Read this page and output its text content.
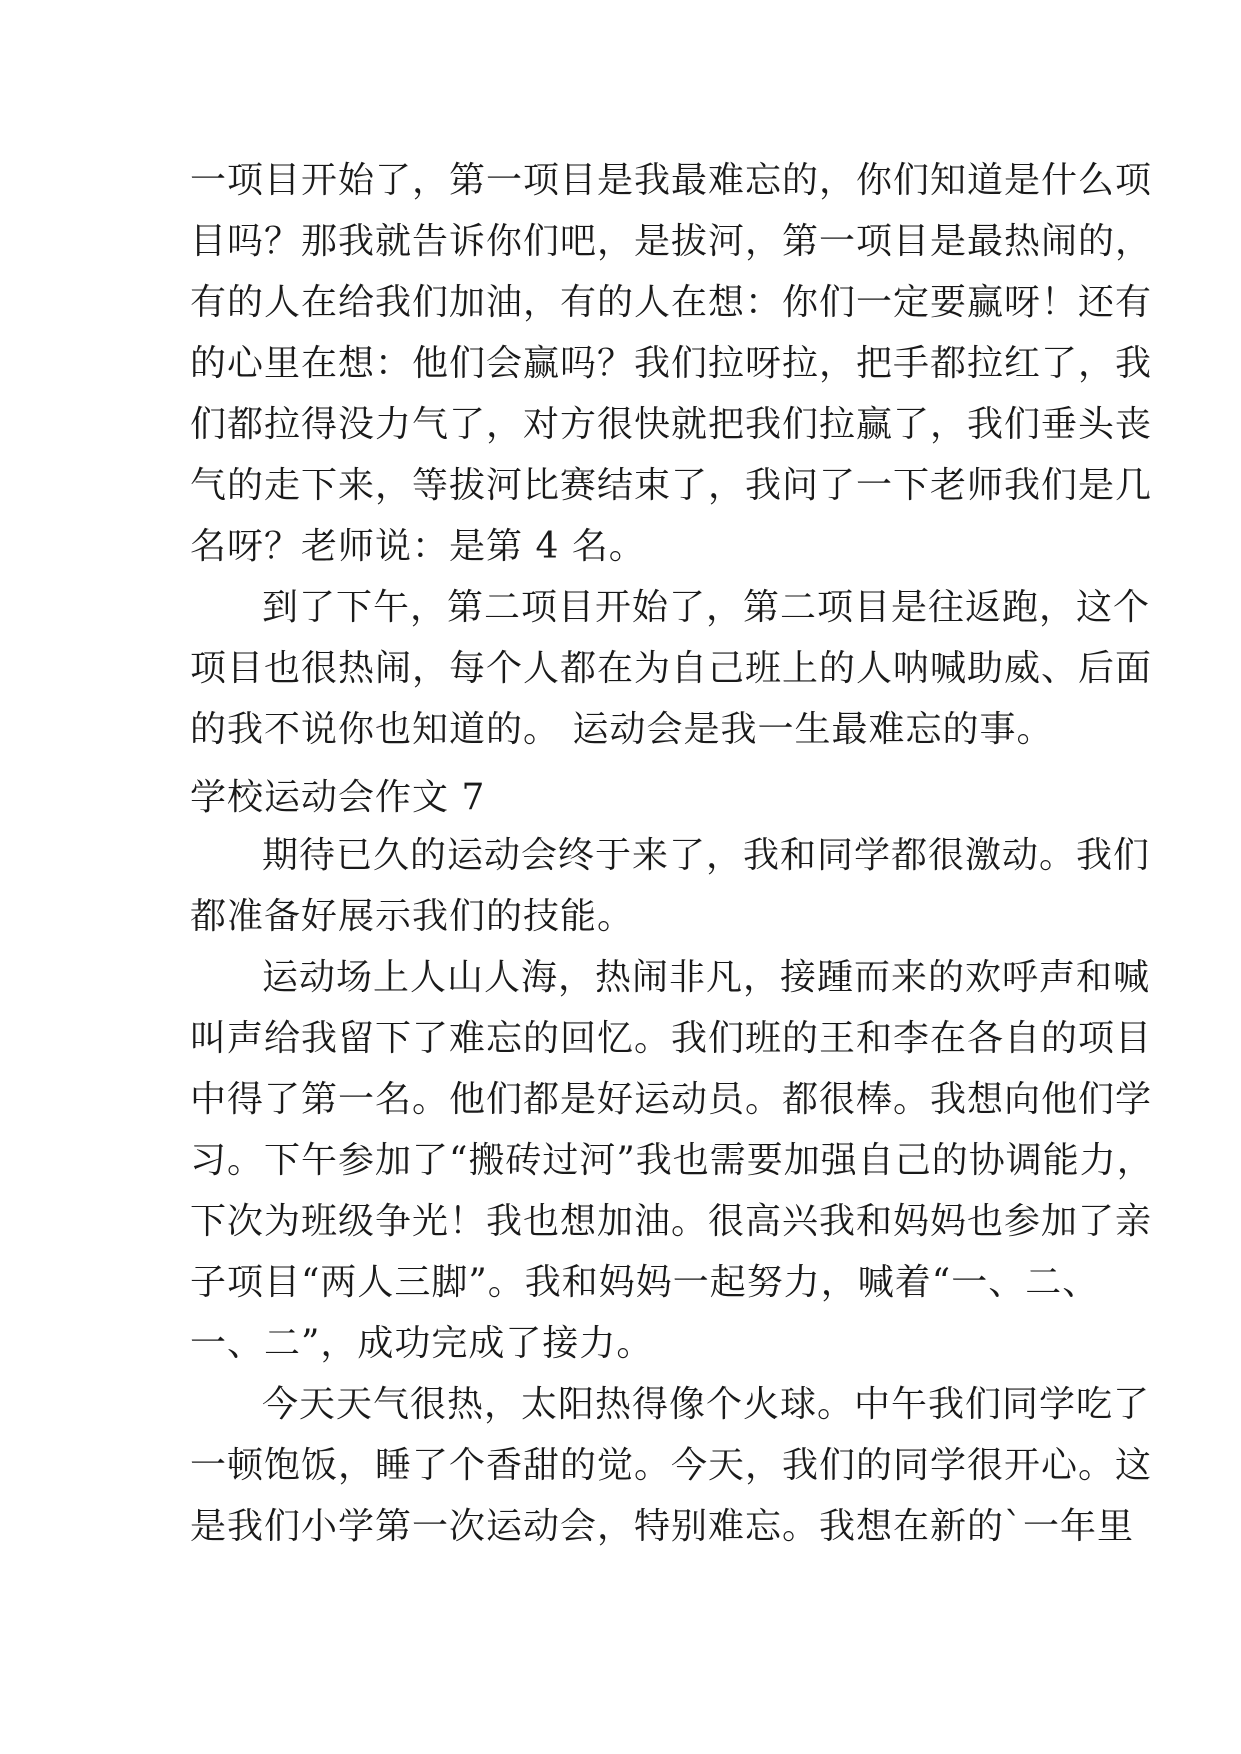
一项目开始了，第一项目是我最难忘的，你们知道是什么项
目吗？那我就告诉你们吧，是拔河，第一项目是最热闹的，
有的人在给我们加油，有的人在想：你们一定要赢呀！还有
的心里在想：他们会赢吗？我们拉呀拉，把手都拉红了，我
们都拉得没力气了，对方很快就把我们拉赢了，我们垂头丧
气的走下来，等拔河比赛结束了，我问了一下老师我们是几
名呀？老师说：是第 4 名。
到了下午，第二项目开始了，第二项目是往返跑，这个
项目也很热闹，每个人都在为自己班上的人呐喊助威、后面
的我不说你也知道的。 运动会是我一生最难忘的事。
学校运动会作文 7
期待已久的运动会终于来了，我和同学都很激动。我们
都准备好展示我们的技能。
运动场上人山人海，热闹非凡，接踵而来的欢呼声和喊
叫声给我留下了难忘的回忆。我们班的王和李在各自的项目
中得了第一名。他们都是好运动员。都很棒。我想向他们学
习。下午参加了“搬砖过河”我也需要加强自己的协调能力，
下次为班级争光！我也想加油。很高兴我和妈妈也参加了亲
子项目“两人三脚”。我和妈妈一起努力，喊着“一、二、
一、二”，成功完成了接力。
今天天气很热，太阳热得像个火球。中午我们同学吃了
一顿饱饭，睡了个香甜的觉。今天，我们的同学很开心。这
是我们小学第一次运动会，特别难忘。我想在新的`一年里
